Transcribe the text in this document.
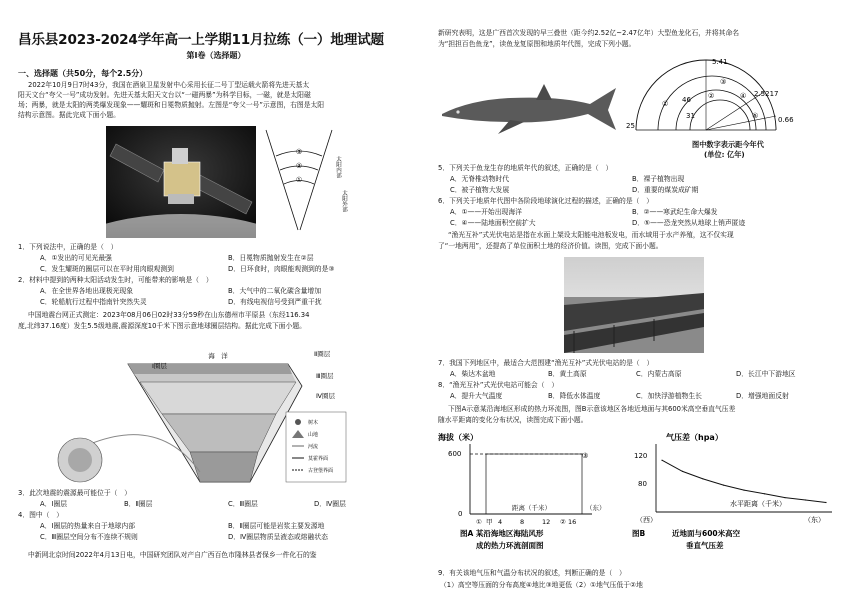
昌乐县2023-2024学年高一上学期11月拉练（一）地理试题
第Ⅰ卷（选择题）
一、选择题（共50分，每个2.5分）
2022年10月9日7时43分，我国在酒泉卫星发射中心采用长征二号丁型运载火箭将先进天基太
阳天文台“夸父一号”成功发射。先进天基太阳天文台以“一磁两暴”为科学目标，一磁，就是太阳磁
场；两暴，就是太阳的两类爆发现象——耀斑和日冕物质抛射。左图是“夸父一号”示意图，右图是太阳
结构示意图。据此完成下面小题。
③
②
①
太阳内部
太阳外部
1．下列说法中，正确的是（　）
A．①发出的可见光最强	B．日冕物质抛射发生在②层
C．发生耀斑的圈层可以在平时用肉眼观测到	D．日环食时，肉眼能观测到的是③
2．材料中提到的两种太阳活动发生时，可能带来的影响是（　）
A．在全世界各地出现极光现象	B．大气中的二氧化碳含量增加
C．轮船航行过程中指南针突然失灵	D．有线电视信号受到严重干扰
中国地震台网正式测定：2023年08月06日02时33分59秒在山东德州市平原县（东经116.34
度,北纬37.16度）发生5.5级地震,震源深度10千米下图示意地球圈层结构。据此完成下面小题。
海　洋
Ⅰ圈层
Ⅱ圈层
Ⅲ圈层
Ⅳ圈层
树木
山地
河流
莫霍界面
古登堡界面
3．此次地震的震源最可能位于（　）
A．Ⅰ圈层	B．Ⅱ圈层	C．Ⅲ圈层	D．Ⅳ圈层
4．图中（　）
A．Ⅰ圈层的热量来自于地球内部	B．Ⅱ圈层可能是岩浆主要发源地
C．Ⅲ圈层空间分布不连续不规则	D．Ⅳ圈层物质呈液态或熔融状态
中新网北京时间2022年4月13日电，中国研究团队对产自广西百色市隆林县者保乡一件化石的鉴
新研究表明，这是广西首次发现的早三叠世（距今约2.52亿~2.47亿年）大型鱼龙化石，并将其命名
为“担担百色鱼龙”，读鱼龙复原图和地质年代图，完成下列小题。
5.41
2.5217
0.66
46
31
25
①
②
③
④
⑤
图中数字表示距今年代
(单位: 亿年)
5．下列关于鱼龙生存的地质年代的叙述，正确的是（　）
A．无脊椎动物时代	B．裸子植物出现
C．被子植物大发展	D．重要的煤炭成矿期
6．下列关于地质年代图中各阶段地球演化过程的描述，正确的是（　）
A．①——开始出现海洋	B．②——寒武纪生命大爆发
C．④——陆地面积空前扩大	D．⑤——恐龙突然从地球上销声匿迹
“渔光互补”式光伏电站是指在水面上架设太阳能电池板发电，而水域用于水产养殖，这不仅实现
了“一地两用”，还提高了单位面积土地的经济价值。读图，完成下面小题。
7．我国下列地区中，最适合大范围建“渔光互补”式光伏电站的是（　）
A．柴达木盆地	B．黄土高原	C．内蒙古高原	D．长江中下游地区
8．“渔光互补”式光伏电站可能会（　）
A．提升大气温度	B．降低水体温度	C．加快浮游植物生长	D．增强地面反射
下图A示意某沿海地区形成的热力环流图，图B示意该地区各地近地面与其600米高空垂直气压差
随水平距离的变化分布状况，读图完成下面小题。
海拔（米）
600
0
③
① 甲 4	8	12 ② 16
距离（千米）	（东）
图A 某沿海地区海陆风形
成的热力环流剖面图
气压差（hpa）
120
80
水平距离（千米）
（西）	（东）
图B	近地面与600米高空
垂直气压差
9．有关该地气压和气温分布状况的叙述，判断正确的是（　）
（1）高空等压面的分布高度④地比③地更低（2）①地气压低于②地
